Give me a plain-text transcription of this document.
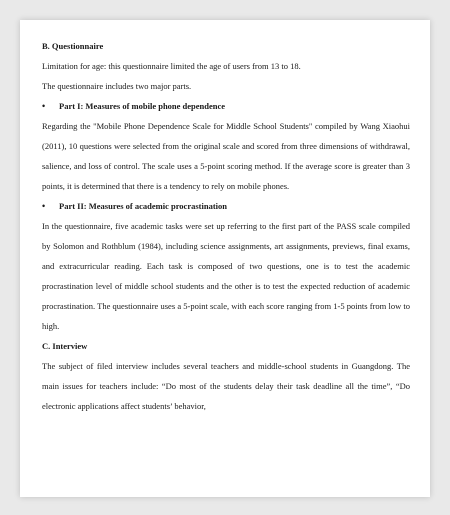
B. Questionnaire

Limitation for age: this questionnaire limited the age of users from 13 to 18.

The questionnaire includes two major parts.

•	Part I: Measures of mobile phone dependence

Regarding the "Mobile Phone Dependence Scale for Middle School Students" compiled by Wang Xiaohui (2011), 10 questions were selected from the original scale and scored from three dimensions of withdrawal, salience, and loss of control. The scale uses a 5-point scoring method. If the average score is greater than 3 points, it is determined that there is a tendency to rely on mobile phones.

•	Part II: Measures of academic procrastination

In the questionnaire, five academic tasks were set up referring to the first part of the PASS scale compiled by Solomon and Rothblum (1984), including science assignments, art assignments, previews, final exams, and extracurricular reading. Each task is composed of two questions, one is to test the academic procrastination level of middle school students and the other is to test the expected reduction of academic procrastination. The questionnaire uses a 5-point scale, with each score ranging from 1-5 points from low to high.

C. Interview

The subject of filed interview includes several teachers and middle-school students in Guangdong. The main issues for teachers include: “Do most of the students delay their task deadline all the time”, “Do electronic applications affect students’ behavior,
